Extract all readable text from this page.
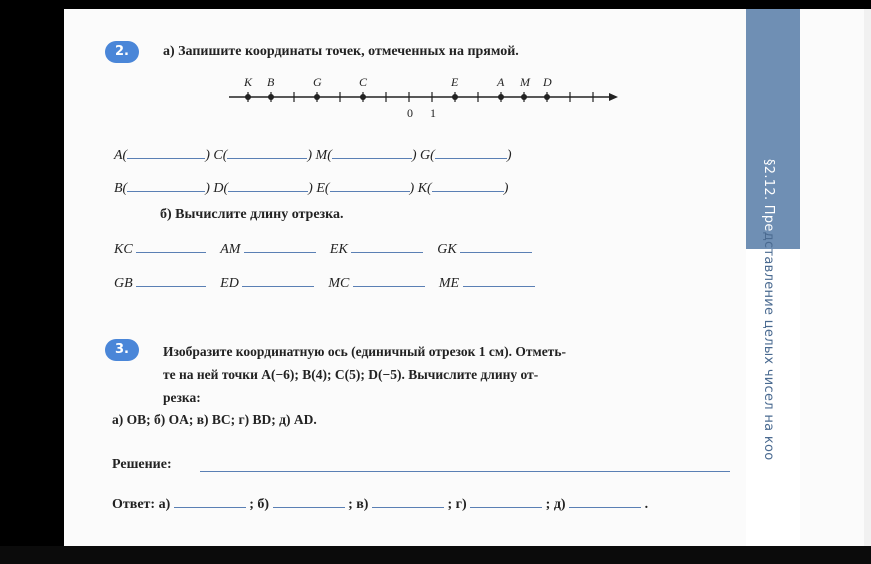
§2.12. Представление целых чисел на коо
2.	а) Запишите координаты точек, отмеченных на прямой.
K B	G	C	E	A M D
0 1
A(	) C(	) M(	) G(	)
B(	) D(	) E(	) K(	)
б) Вычислите длину отрезка.
KC	AM	EK	GK
GB	ED	MC	ME
3.	Изобразите координатную ось (единичный отрезок 1 см). Отметь-
те на ней точки A(−6); B(4); C(5); D(−5). Вычислите длину от-
резка:
а) OB; б) OA; в) BC; г) BD; д) AD.
Решение:
Ответ: а)	; б)	; в)	; г)	; д)	.
